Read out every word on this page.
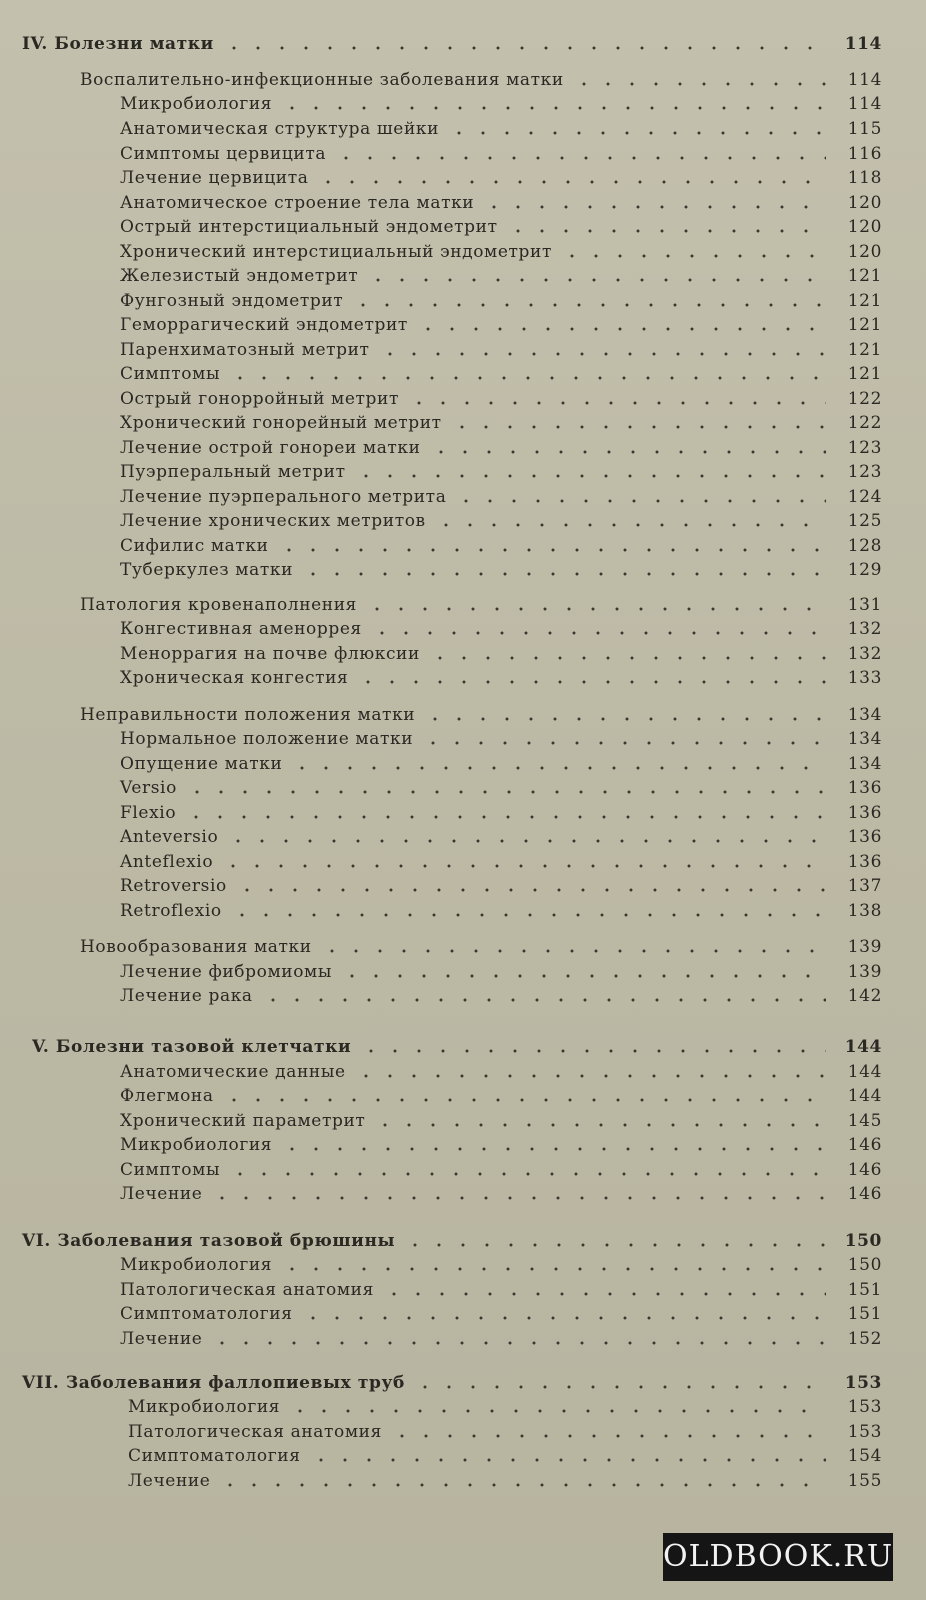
IV. Болезни матки	114
Воспалительно-инфекционные заболевания матки	114
Микробиология	114
Анатомическая структура шейки	115
Симптомы цервицита	116
Лечение цервицита	118
Анатомическое строение тела матки	120
Острый интерстициальный эндометрит	120
Хронический интерстициальный эндометрит	120
Железистый эндометрит	121
Фунгозный эндометрит	121
Геморрагический эндометрит	121
Паренхиматозный метрит	121
Симптомы	121
Острый гонорройный метрит	122
Хронический гонорейный метрит	122
Лечение острой гонореи матки	123
Пуэрперальный метрит	123
Лечение пуэрперального метрита	124
Лечение хронических метритов	125
Сифилис матки	128
Туберкулез матки	129
Патология кровенаполнения	131
Конгестивная аменоррея	132
Меноррагия на почве флюксии	132
Хроническая конгестия	133
Неправильности положения матки	134
Нормальное положение матки	134
Опущение матки	134
Versio	136
Flexio	136
Anteversio	136
Anteflexio	136
Retroversio	137
Retroflexio	138
Новообразования матки	139
Лечение фибромиомы	139
Лечение рака	142
V. Болезни тазовой клетчатки	144
Анатомические данные	144
Флегмона	144
Хронический параметрит	145
Микробиология	146
Симптомы	146
Лечение	146
VI. Заболевания тазовой брюшины	150
Микробиология	150
Патологическая анатомия	151
Симптоматология	151
Лечение	152
VII. Заболевания фаллопиевых труб	153
Микробиология	153
Патологическая анатомия	153
Симптоматология	154
Лечение	155
OLDBOOK.RU
